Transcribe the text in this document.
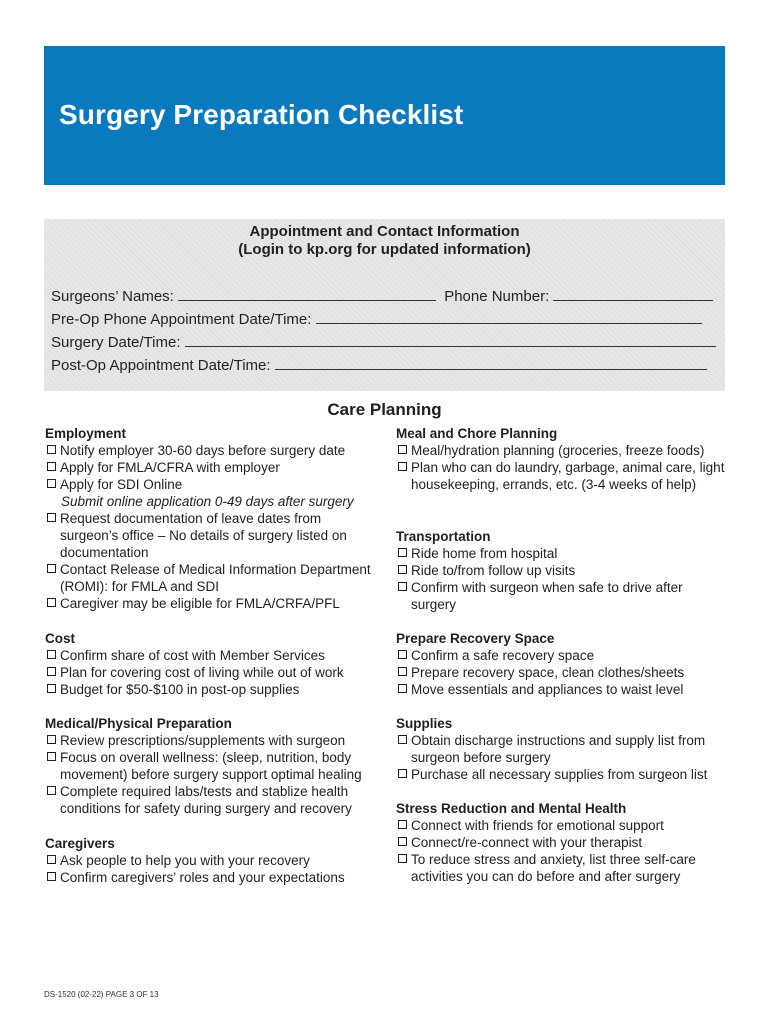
Surgery Preparation Checklist
Appointment and Contact Information
(Login to kp.org for updated information)
Surgeons’ Names:	Phone Number:
Pre-Op Phone Appointment Date/Time:
Surgery Date/Time:
Post-Op Appointment Date/Time:
Care Planning
Employment
Notify employer 30-60 days before surgery date
Apply for FMLA/CFRA with employer
Apply for SDI Online
Submit online application 0-49 days after surgery
Request documentation of leave dates from surgeon’s office – No details of surgery listed on documentation
Contact Release of Medical Information Department (ROMI): for FMLA and SDI
Caregiver may be eligible for FMLA/CRFA/PFL
Cost
Confirm share of cost with Member Services
Plan for covering cost of living while out of work
Budget for $50-$100 in post-op supplies
Medical/Physical Preparation
Review prescriptions/supplements with surgeon
Focus on overall wellness: (sleep, nutrition, body movement) before surgery support optimal healing
Complete required labs/tests and stablize health conditions for safety during surgery and recovery
Caregivers
Ask people to help you with your recovery
Confirm caregivers’ roles and your expectations
Meal and Chore Planning
Meal/hydration planning (groceries, freeze foods)
Plan who can do laundry, garbage, animal care, light housekeeping, errands, etc. (3-4 weeks of help)
Transportation
Ride home from hospital
Ride to/from follow up visits
Confirm with surgeon when safe to drive after surgery
Prepare Recovery Space
Confirm a safe recovery space
Prepare recovery space, clean clothes/sheets
Move essentials and appliances to waist level
Supplies
Obtain discharge instructions and supply list from surgeon before surgery
Purchase all necessary supplies from surgeon list
Stress Reduction and Mental Health
Connect with friends for emotional support
Connect/re-connect with your therapist
To reduce stress and anxiety, list three self-care activities you can do before and after surgery
DS-1520 (02-22) PAGE 3 OF 13
